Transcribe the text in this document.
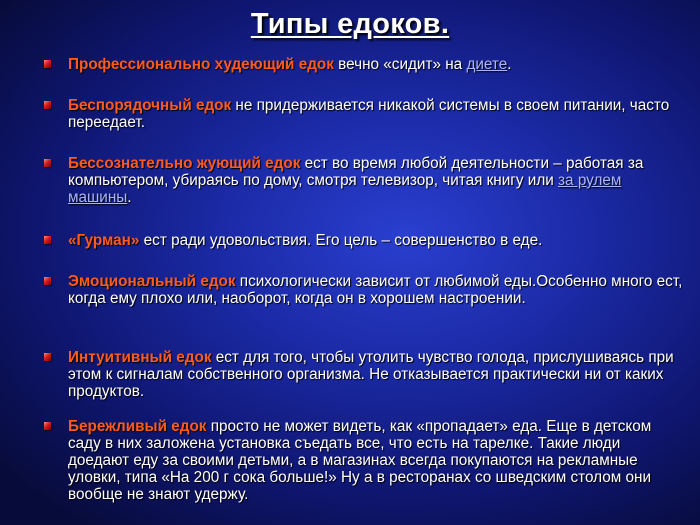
Типы едоков.
Профессионально худеющий едок вечно «сидит» на диете.
Беспорядочный едок не придерживается никакой системы в своем питании, часто переедает.
Бессознательно жующий едок ест во время любой деятельности – работая за компьютером, убираясь по дому, смотря телевизор, читая книгу или за рулем машины.
«Гурман» ест ради удовольствия. Его цель – совершенство в еде.
Эмоциональный едок психологически зависит от любимой еды.Особенно много ест, когда ему плохо или, наоборот, когда он в хорошем настроении.
Интуитивный едок ест для того, чтобы утолить чувство голода, прислушиваясь при этом к сигналам собственного организма. Не отказывается практически ни от каких продуктов.
Бережливый едок просто не может видеть, как «пропадает» еда. Еще в детском саду в них заложена установка съедать все, что есть на тарелке. Такие люди доедают еду за своими детьми, а в магазинах всегда покупаются на рекламные уловки, типа «На 200 г сока больше!» Ну а в ресторанах со шведским столом они вообще не знают удержу.
